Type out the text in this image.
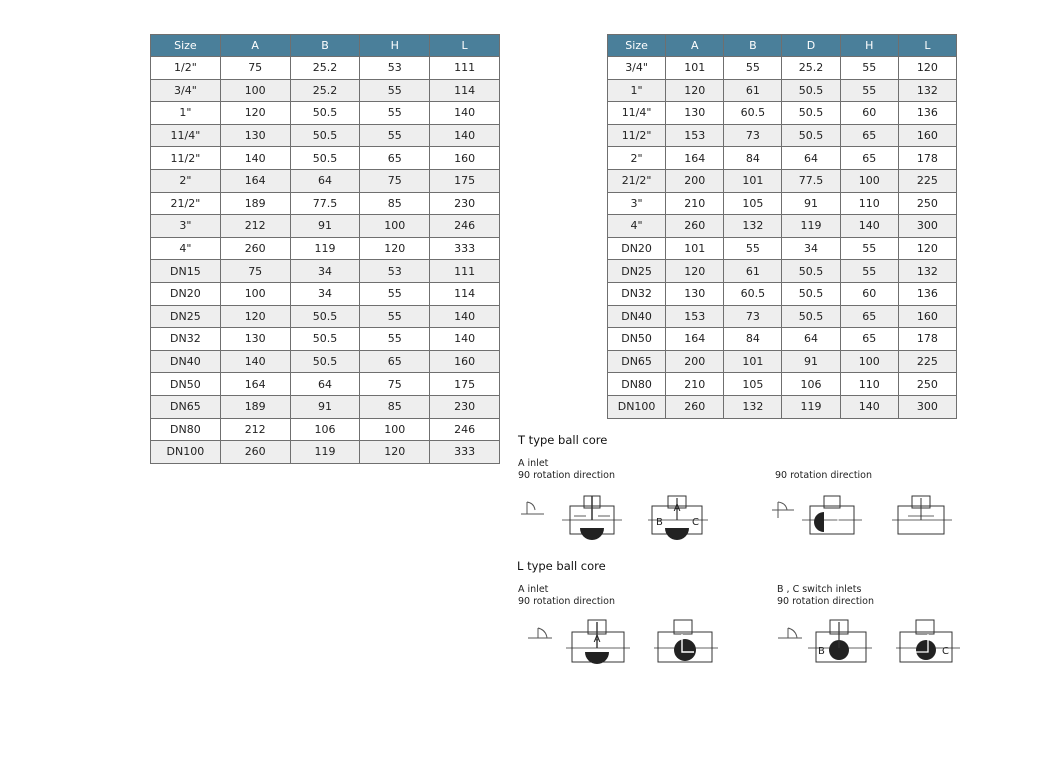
Size	A	B	H	L
1/2"	75	25.2	53	111
3/4"	100	25.2	55	114
1"	120	50.5	55	140
11/4"	130	50.5	55	140
11/2"	140	50.5	65	160
2"	164	64	75	175
21/2"	189	77.5	85	230
3"	212	91	100	246
4"	260	119	120	333
DN15	75	34	53	111
DN20	100	34	55	114
DN25	120	50.5	55	140
DN32	130	50.5	55	140
DN40	140	50.5	65	160
DN50	164	64	75	175
DN65	189	91	85	230
DN80	212	106	100	246
DN100	260	119	120	333
Size	A	B	D	H	L
3/4"	101	55	25.2	55	120
1"	120	61	50.5	55	132
11/4"	130	60.5	50.5	60	136
11/2"	153	73	50.5	65	160
2"	164	84	64	65	178
21/2"	200	101	77.5	100	225
3"	210	105	91	110	250
4"	260	132	119	140	300
DN20	101	55	34	55	120
DN25	120	61	50.5	55	132
DN32	130	60.5	50.5	60	136
DN40	153	73	50.5	65	160
DN50	164	84	64	65	178
DN65	200	101	91	100	225
DN80	210	105	106	110	250
DN100	260	132	119	140	300
T type ball core
A inlet
90 rotation direction	90 rotation direction
L type ball core
A inlet
90 rotation direction
B , C switch inlets
90 rotation direction
A
B	C
A
B	C
